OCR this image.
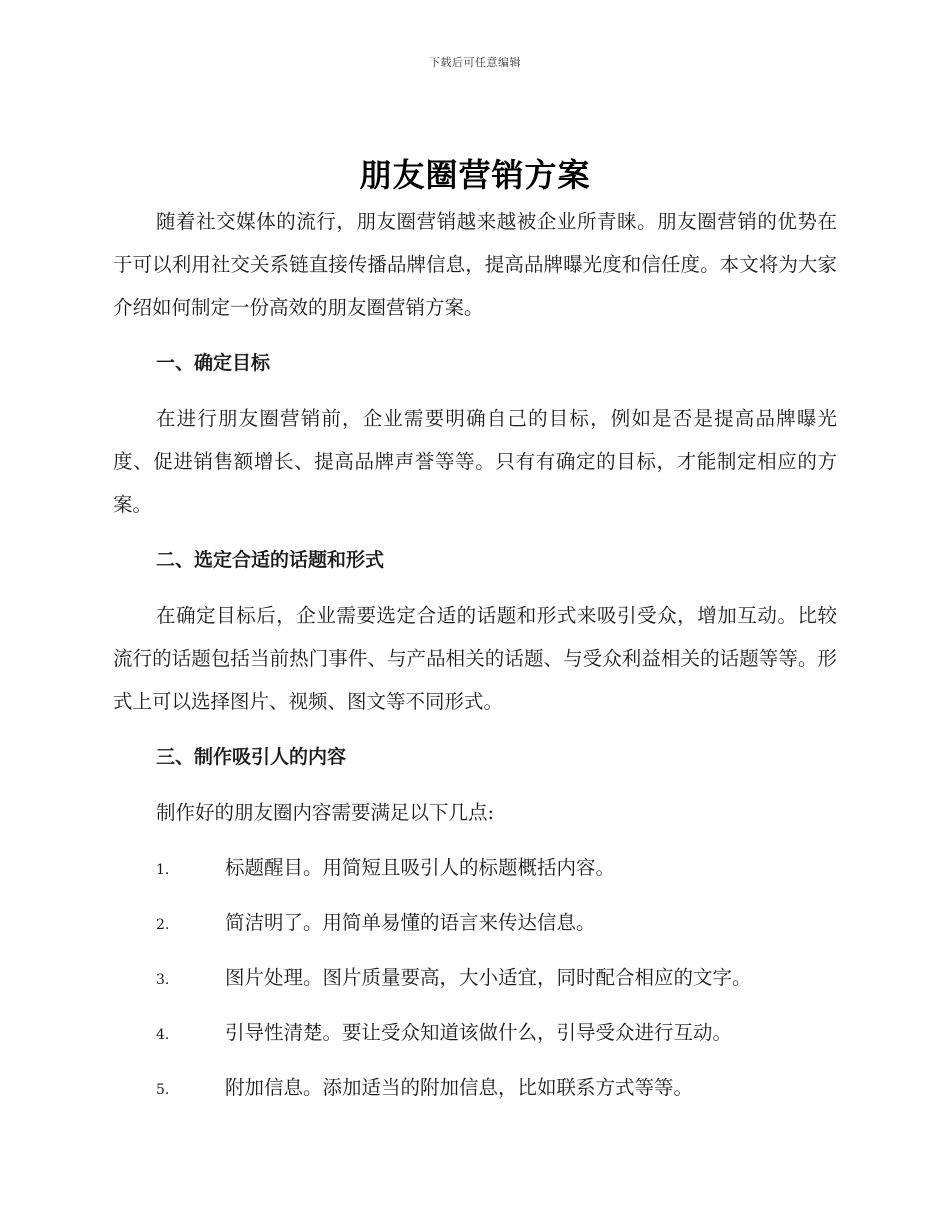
下载后可任意编辑
朋友圈营销方案

随着社交媒体的流行，朋友圈营销越来越被企业所青睐。朋友圈营销的优势在于可以利用社交关系链直接传播品牌信息，提高品牌曝光度和信任度。本文将为大家介绍如何制定一份高效的朋友圈营销方案。

一、确定目标

在进行朋友圈营销前，企业需要明确自己的目标，例如是否是提高品牌曝光度、促进销售额增长、提高品牌声誉等等。只有有确定的目标，才能制定相应的方案。

二、选定合适的话题和形式

在确定目标后，企业需要选定合适的话题和形式来吸引受众，增加互动。比较流行的话题包括当前热门事件、与产品相关的话题、与受众利益相关的话题等等。形式上可以选择图片、视频、图文等不同形式。

三、制作吸引人的内容
制作好的朋友圈内容需要满足以下几点:
1.	标题醒目。用简短且吸引人的标题概括内容。
2.	简洁明了。用简单易懂的语言来传达信息。
3.	图片处理。图片质量要高，大小适宜，同时配合相应的文字。
4.	引导性清楚。要让受众知道该做什么，引导受众进行互动。
5.	附加信息。添加适当的附加信息，比如联系方式等等。
